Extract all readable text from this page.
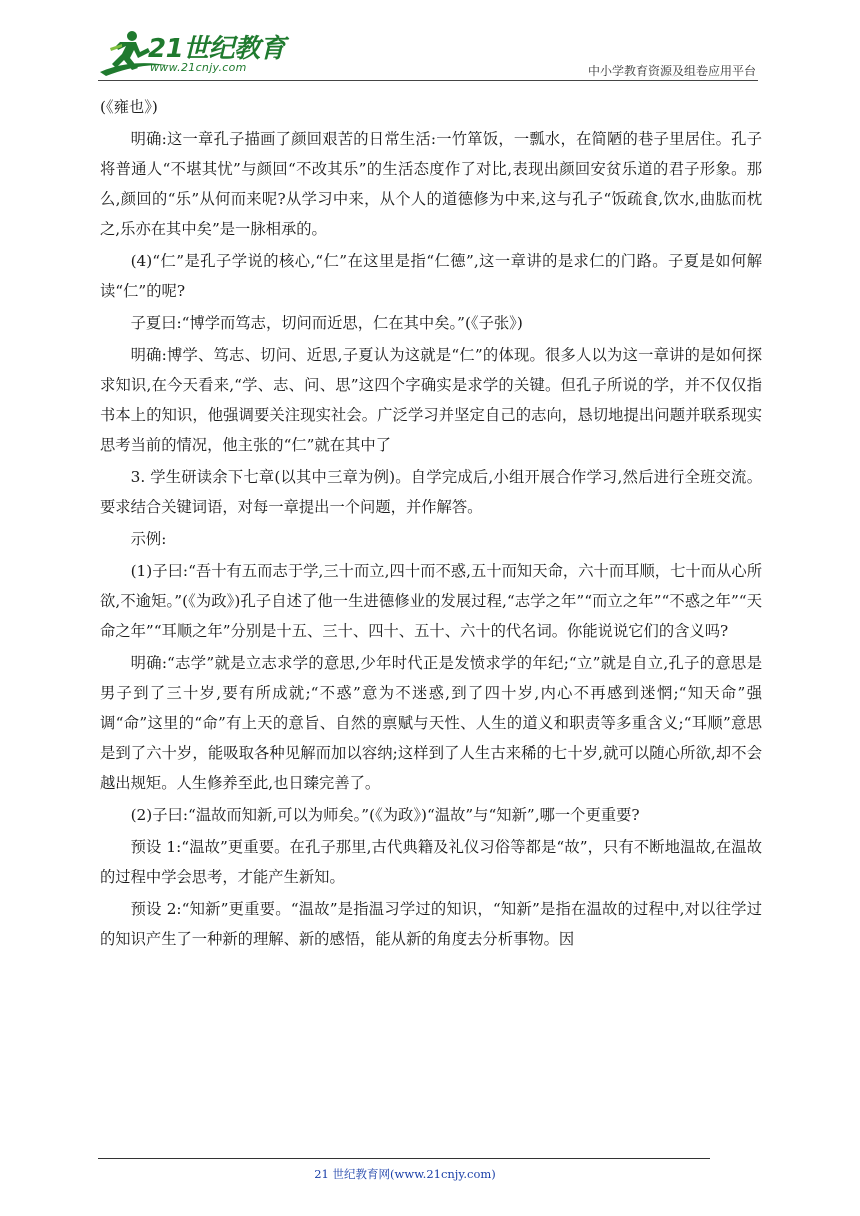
21世纪教育
www.21cnjy.com	中小学教育资源及组卷应用平台

(《雍也》)

明确:这一章孔子描画了颜回艰苦的日常生活:一竹箪饭，一瓢水，在简陋的巷子里居住。孔子将普通人“不堪其忧”与颜回“不改其乐”的生活态度作了对比,表现出颜回安贫乐道的君子形象。那么,颜回的“乐”从何而来呢?从学习中来，从个人的道德修为中来,这与孔子“饭疏食,饮水,曲肱而枕之,乐亦在其中矣”是一脉相承的。

(4)“仁”是孔子学说的核心,“仁”在这里是指“仁德”,这一章讲的是求仁的门路。子夏是如何解读“仁”的呢?

子夏曰:“博学而笃志，切问而近思，仁在其中矣。”(《子张》)

明确:博学、笃志、切问、近思,子夏认为这就是“仁”的体现。很多人以为这一章讲的是如何探求知识,在今天看来,“学、志、问、思”这四个字确实是求学的关键。但孔子所说的学，并不仅仅指书本上的知识，他强调要关注现实社会。广泛学习并坚定自己的志向，恳切地提出问题并联系现实思考当前的情况，他主张的“仁”就在其中了

3. 学生研读余下七章(以其中三章为例)。自学完成后,小组开展合作学习,然后进行全班交流。要求结合关键词语，对每一章提出一个问题，并作解答。

示例:

(1)子曰:“吾十有五而志于学,三十而立,四十而不惑,五十而知天命，六十而耳顺，七十而从心所欲,不逾矩。”(《为政》)孔子自述了他一生进德修业的发展过程,“志学之年”“而立之年”“不惑之年”“天命之年”“耳顺之年”分别是十五、三十、四十、五十、六十的代名词。你能说说它们的含义吗?

明确:“志学”就是立志求学的意思,少年时代正是发愤求学的年纪;“立”就是自立,孔子的意思是男子到了三十岁,要有所成就;“不惑”意为不迷惑,到了四十岁,内心不再感到迷惘;“知天命”强调“命”这里的“命”有上天的意旨、自然的禀赋与天性、人生的道义和职责等多重含义;“耳顺”意思是到了六十岁，能吸取各种见解而加以容纳;这样到了人生古来稀的七十岁,就可以随心所欲,却不会越出规矩。人生修养至此,也日臻完善了。

(2)子曰:“温故而知新,可以为师矣。”(《为政》)“温故”与“知新”,哪一个更重要?

预设 1:“温故”更重要。在孔子那里,古代典籍及礼仪习俗等都是“故”，只有不断地温故,在温故的过程中学会思考，才能产生新知。

预设 2:“知新”更重要。“温故”是指温习学过的知识，“知新”是指在温故的过程中,对以往学过的知识产生了一种新的理解、新的感悟，能从新的角度去分析事物。因

21 世纪教育网(www.21cnjy.com)
